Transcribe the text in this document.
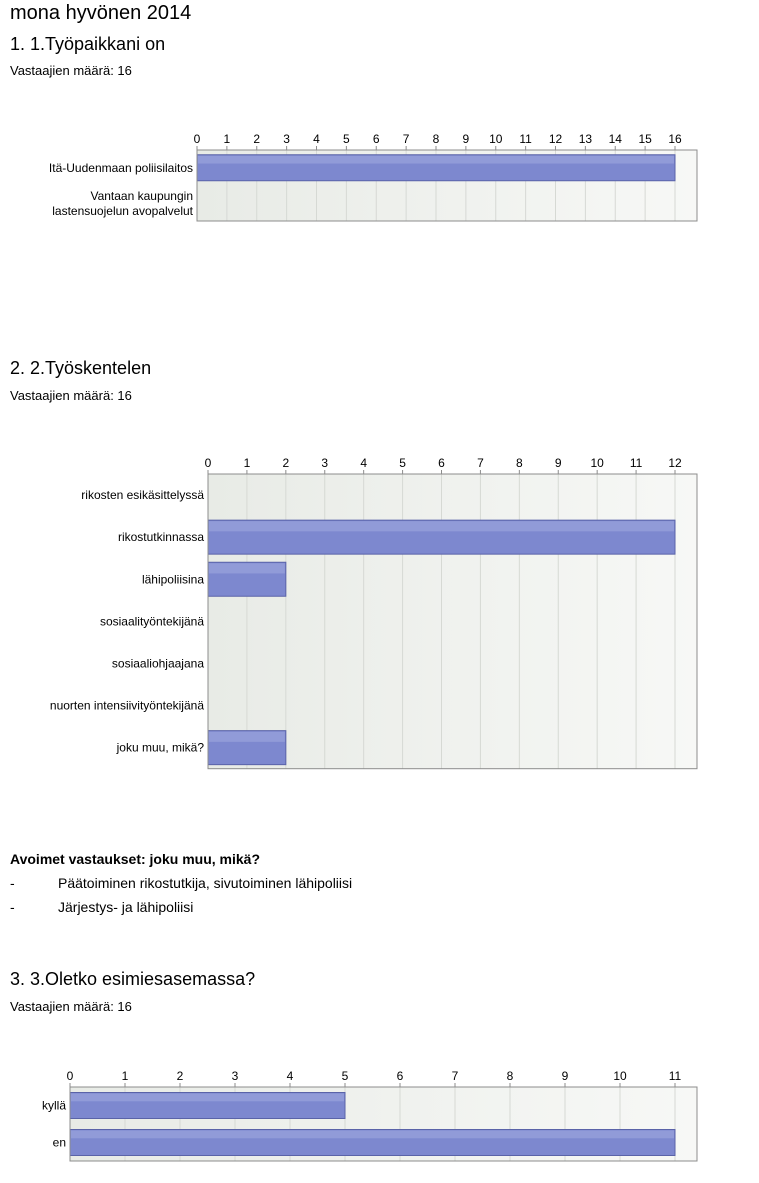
mona hyvönen 2014
1. 1.Työpaikkani on
Vastaajien määrä: 16
0 1 2 3 4 5 6 7 8 9 10 11 12 13 14 15 16
Itä-Uudenmaan poliisilaitos
Vantaan kaupungin
lastensuojelun avopalvelut
2. 2.Työskentelen
Vastaajien määrä: 16
0	1	2	3	4	5	6	7	8	9 10 11 12
rikosten esikäsittelyssä
rikostutkinnassa
lähipoliisina
sosiaalityöntekijänä
sosiaaliohjaajana
nuorten intensiivityöntekijänä
joku muu, mikä?
Avoimet vastaukset: joku muu, mikä?
-	Päätoiminen rikostutkija, sivutoiminen lähipoliisi
-	Järjestys- ja lähipoliisi
3. 3.Oletko esimiesasemassa?
Vastaajien määrä: 16
0	1	2	3	4	5	6	7	8	9	10	11
kyllä
en
